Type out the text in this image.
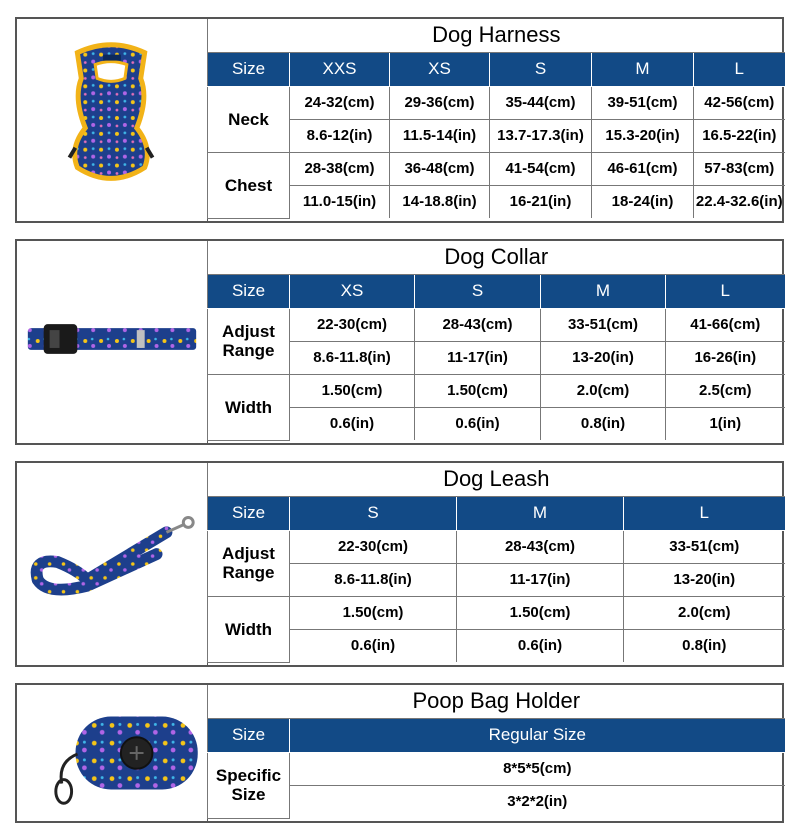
Dog Harness					
Size	XXS	XS	S	M	L
Neck	24-32(cm)	29-36(cm)	35-44(cm)	39-51(cm)	42-56(cm)
	8.6-12(in)	11.5-14(in)	13.7-17.3(in)	15.3-20(in)	16.5-22(in)
Chest	28-38(cm)	36-48(cm)	41-54(cm)	46-61(cm)	57-83(cm)
	11.0-15(in)	14-18.8(in)	16-21(in)	18-24(in)	22.4-32.6(in)
Dog Collar				
Size	XS	S	M	L
Adjust Range	22-30(cm)	28-43(cm)	33-51(cm)	41-66(cm)
	8.6-11.8(in)	11-17(in)	13-20(in)	16-26(in)
Width	1.50(cm)	1.50(cm)	2.0(cm)	2.5(cm)
	0.6(in)	0.6(in)	0.8(in)	1(in)
Dog Leash			
Size	S	M	L
Adjust Range	22-30(cm)	28-43(cm)	33-51(cm)
	8.6-11.8(in)	11-17(in)	13-20(in)
Width	1.50(cm)	1.50(cm)	2.0(cm)
	0.6(in)	0.6(in)	0.8(in)
Poop Bag Holder	
Size	Regular Size
Specific Size	8*5*5(cm)
	3*2*2(in)
